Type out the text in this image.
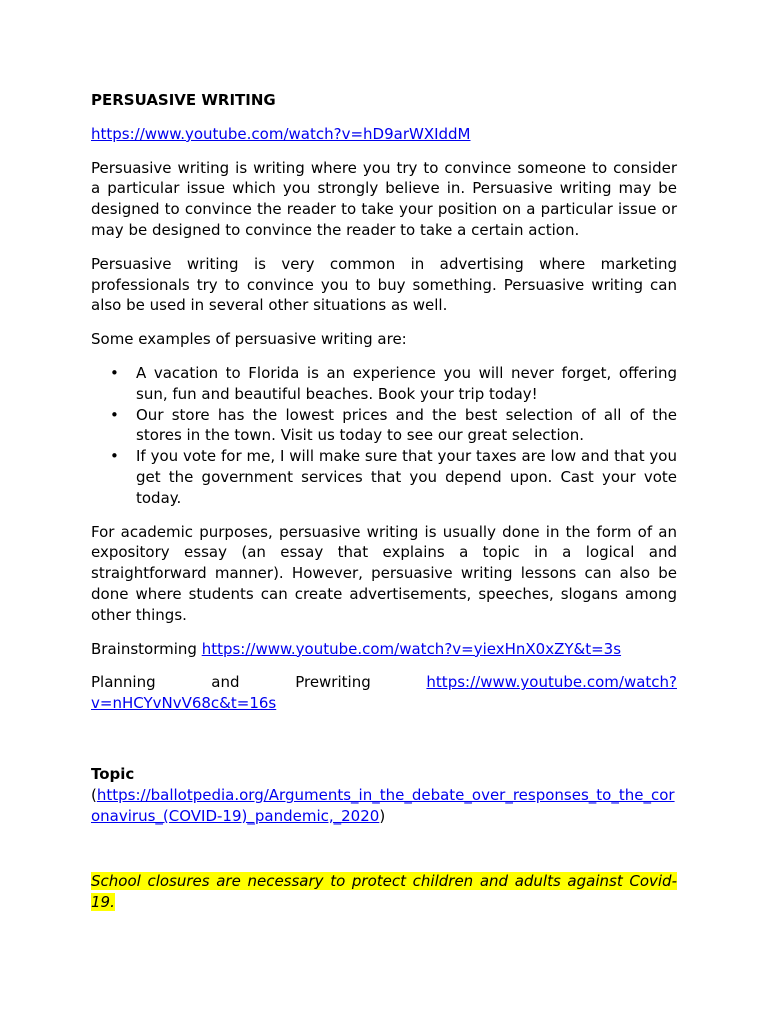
PERSUASIVE WRITING

https://www.youtube.com/watch?v=hD9arWXIddM

Persuasive writing is writing where you try to convince someone to consider a particular issue which you strongly believe in. Persuasive writing may be designed to convince the reader to take your position on a particular issue or may be designed to convince the reader to take a certain action.

Persuasive writing is very common in advertising where marketing professionals try to convince you to buy something. Persuasive writing can also be used in several other situations as well.

Some examples of persuasive writing are:

• A vacation to Florida is an experience you will never forget, offering sun, fun and beautiful beaches. Book your trip today!
• Our store has the lowest prices and the best selection of all of the stores in the town. Visit us today to see our great selection.
• If you vote for me, I will make sure that your taxes are low and that you get the government services that you depend upon. Cast your vote today.

For academic purposes, persuasive writing is usually done in the form of an expository essay (an essay that explains a topic in a logical and straightforward manner). However, persuasive writing lessons can also be done where students can create advertisements, speeches, slogans among other things.

Brainstorming https://www.youtube.com/watch?v=yiexHnX0xZY&t=3s

Planning and Prewriting	https://www.youtube.com/watch?

v=nHCYvNvV68c&t=16s

Topic

(https://ballotpedia.org/Arguments_in_the_debate_over_responses_to_the_coronavirus_(COVID-19)_pandemic,_2020)

School closures are necessary to protect children and adults against Covid-19.
